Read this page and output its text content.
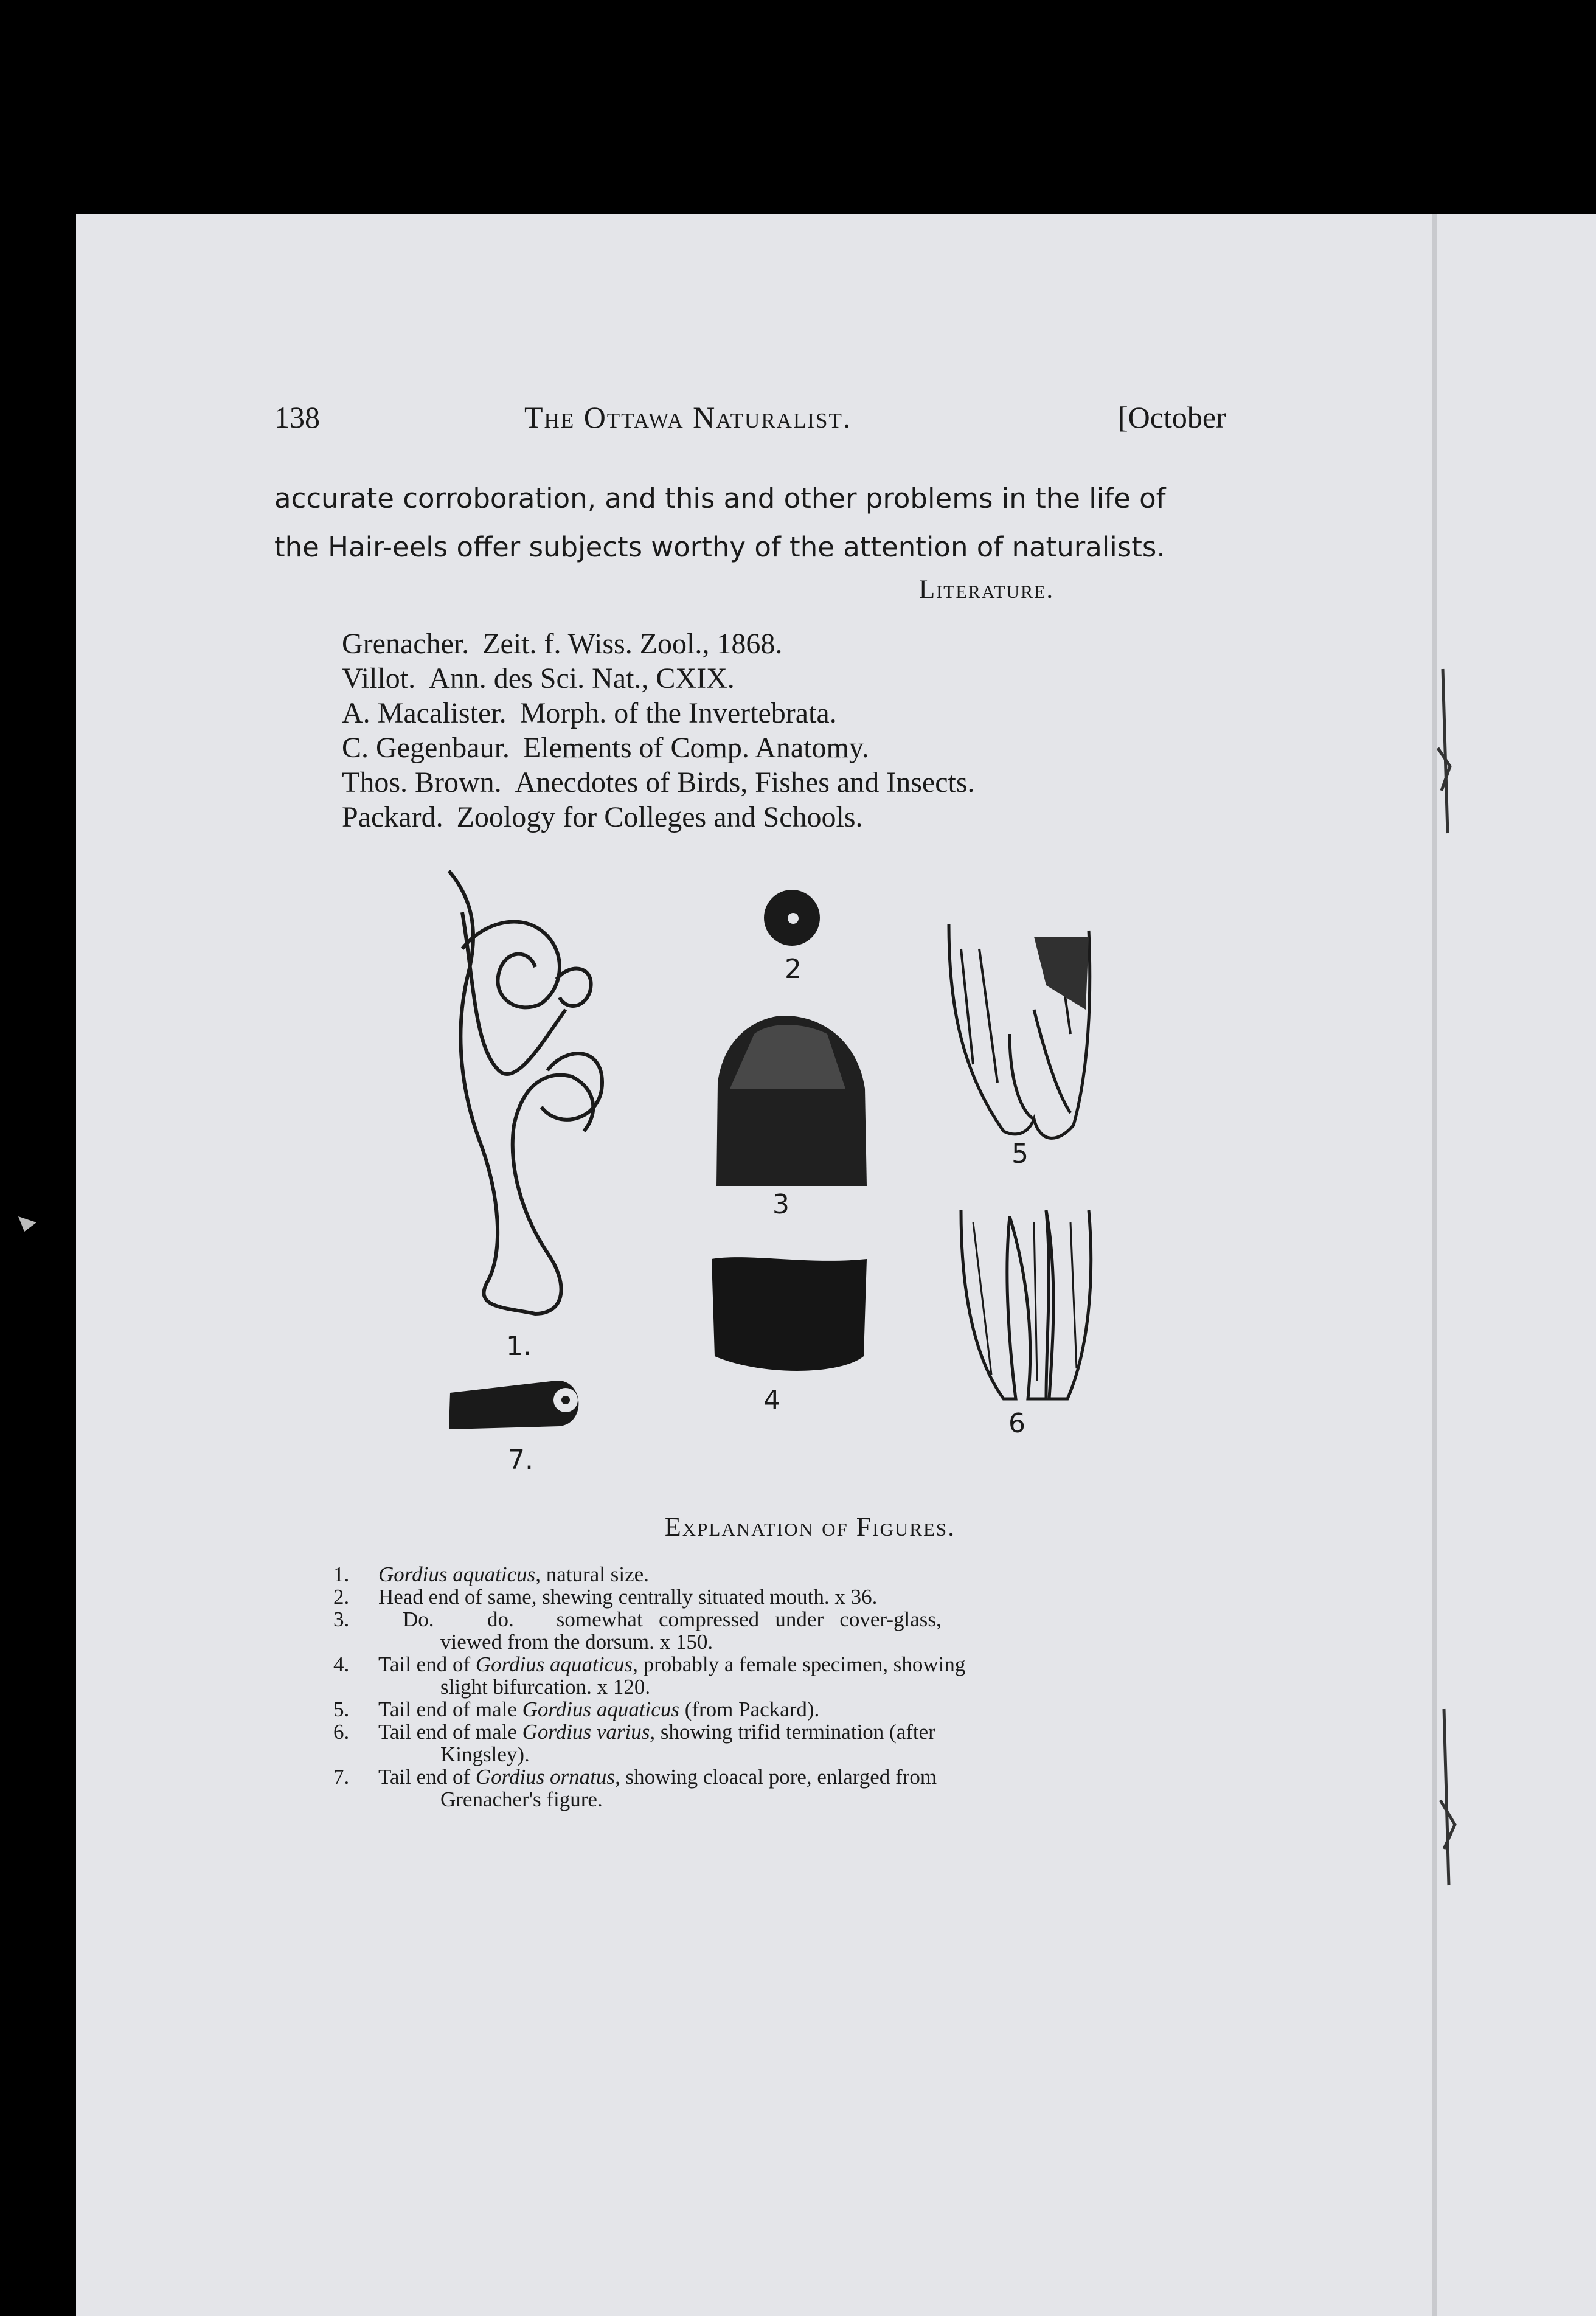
138	The Ottawa Naturalist.	[October
accurate corroboration, and this and other problems in the life of
the Hair-eels offer subjects worthy of the attention of naturalists.
Literature.
Grenacher. Zeit. f. Wiss. Zool., 1868.
Villot. Ann. des Sci. Nat., CXIX.
A. Macalister. Morph. of the Invertebrata.
C. Gegenbaur. Elements of Comp. Anatomy.
Thos. Brown. Anecdotes of Birds, Fishes and Insects.
Packard. Zoology for Colleges and Schools.
1.
2
3
4
5
6
7.
Explanation of Figures.
1. Gordius aquaticus, natural size.
2. Head end of same, shewing centrally situated mouth. x 36.
3.	Do.          do.        somewhat   compressed   under   cover-glass,
viewed from the dorsum. x 150.
4. Tail end of Gordius aquaticus, probably a female specimen, showing
slight bifurcation. x 120.
5. Tail end of male Gordius aquaticus (from Packard).
6. Tail end of male Gordius varius, showing trifid termination (after
Kingsley).
7. Tail end of Gordius ornatus, showing cloacal pore, enlarged from
Grenacher's figure.
